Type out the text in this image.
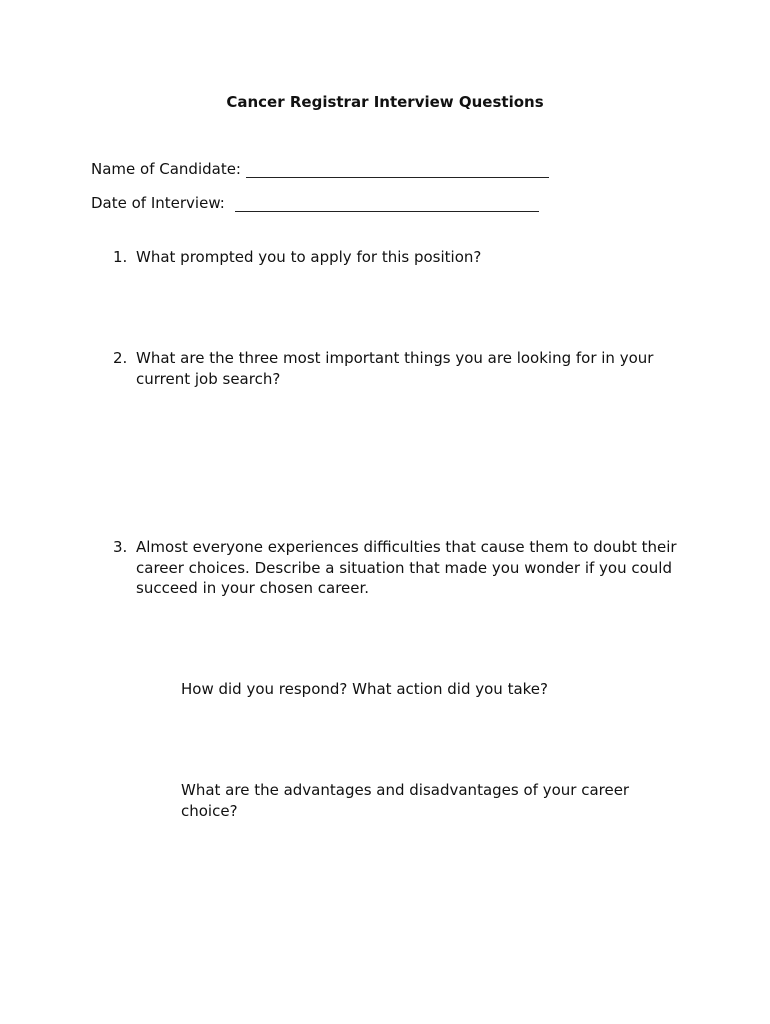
Cancer Registrar Interview Questions
Name of Candidate:
Date of Interview:
1. What prompted you to apply for this position?
2. What are the three most important things you are looking for in your current job search?
3. Almost everyone experiences difficulties that cause them to doubt their career choices. Describe a situation that made you wonder if you could succeed in your chosen career.
How did you respond? What action did you take?
What are the advantages and disadvantages of your career choice?
